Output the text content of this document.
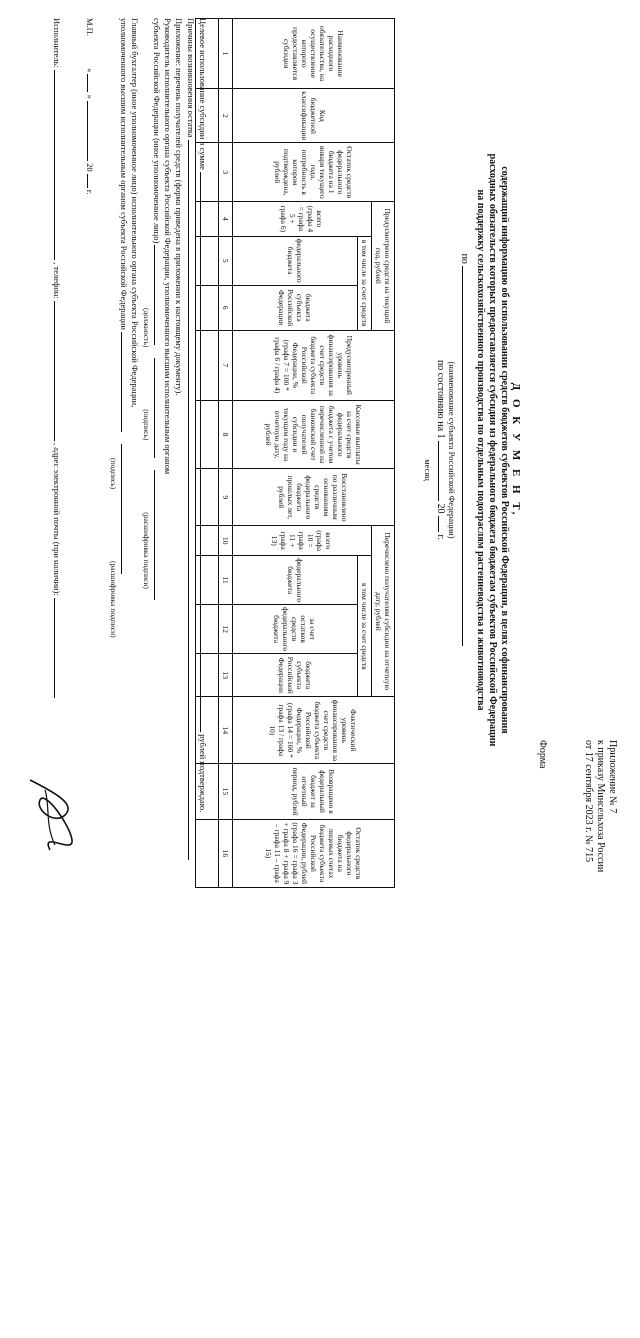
Приложение № 7
к приказу Минсельхоза России
от 17 сентября 2023 г. № 715
Форма
Д О К У М Е Н Т,
содержащий информацию об использовании средств бюджетов субъектов Российской Федерации, в целях софинансирования
расходных обязательств которых предоставляется субсидия из федерального бюджета бюджетам субъектов Российской Федерации
на поддержку сельскохозяйственного производства по отдельным подотраслям растениеводства и животноводства
по
(наименование субъекта Российской Федерации)
по состоянию на 1  20  г.
месяц
Наименование расходного обязательства, на осуществление которого предоставляется субсидия	Код бюджетной классификации	Остаток средств федерального бюджета на 1 января текущего года, потребность в котором подтверждена, рублей	Предусмотрено средств на текущий год, рублей			Предусмотренный уровень финансирования за счет средств бюджета субъекта Российской Федерации, % (графа 7 = 100 * графа 6 / графа 4)	Кассовые выплаты за счет средств федерального бюджета с учетом перечисленной на банковский счет получателей субсидии и текущим году на отчетную дату, рублей	Восстановлено по различным основаниям средств федерального бюджета прошлых лет, рублей	Перечислено получателям субсидии на отчетную дату, рублей				Фактический уровень финансирования за счет средств бюджета субъекта Российской Федерации, % (графа 14 = 100 * графа 13 / графа 10)	Возвращено в федеральный бюджет за отчетный период, рублей	Остаток средств федерального бюджета на лицевых счетах бюджета субъекта Российской Федерации, рублей (графа 16 = графа 3 + графа 8 + графа 9 – графа 11 – графа 15)
			всего (графа 4 = графа 5 + графа 6)	в том числе за счет средств					всего (графа 10 = графа 11 + графа 13)	в том числе за счет средств					
				федерального бюджета	бюджета субъекта Российской Федерации					федерального бюджета	за счет остатков средств федерального бюджета	бюджета субъекта Российской Федерации			
1	2	3	4	5	6	7	8	9	10	11	12	13	14	15	16

Целевое использование субсидии в сумме  рублей подтверждаю.
Причины возникновения остатка
Приложение: перечень получателей средств (форма приведена в приложении к настоящему документу).
Руководитель исполнительного органа субъекта Российской Федерации, уполномоченного высшим исполнительным органом
субъекта Российской Федерации (иное уполномоченное лицо)
(должность) (подпись) (расшифровка подписи)
Главный бухгалтер (иное уполномоченное лицо) исполнительного органа субъекта Российской Федерации,
уполномоченного высшим исполнительным органом субъекта Российской Федерации
(подпись) (расшифровка подписи)
М.П. «  »  20  г.
Исполнитель:  , телефон:  , адрес электронной почты (при наличии):
